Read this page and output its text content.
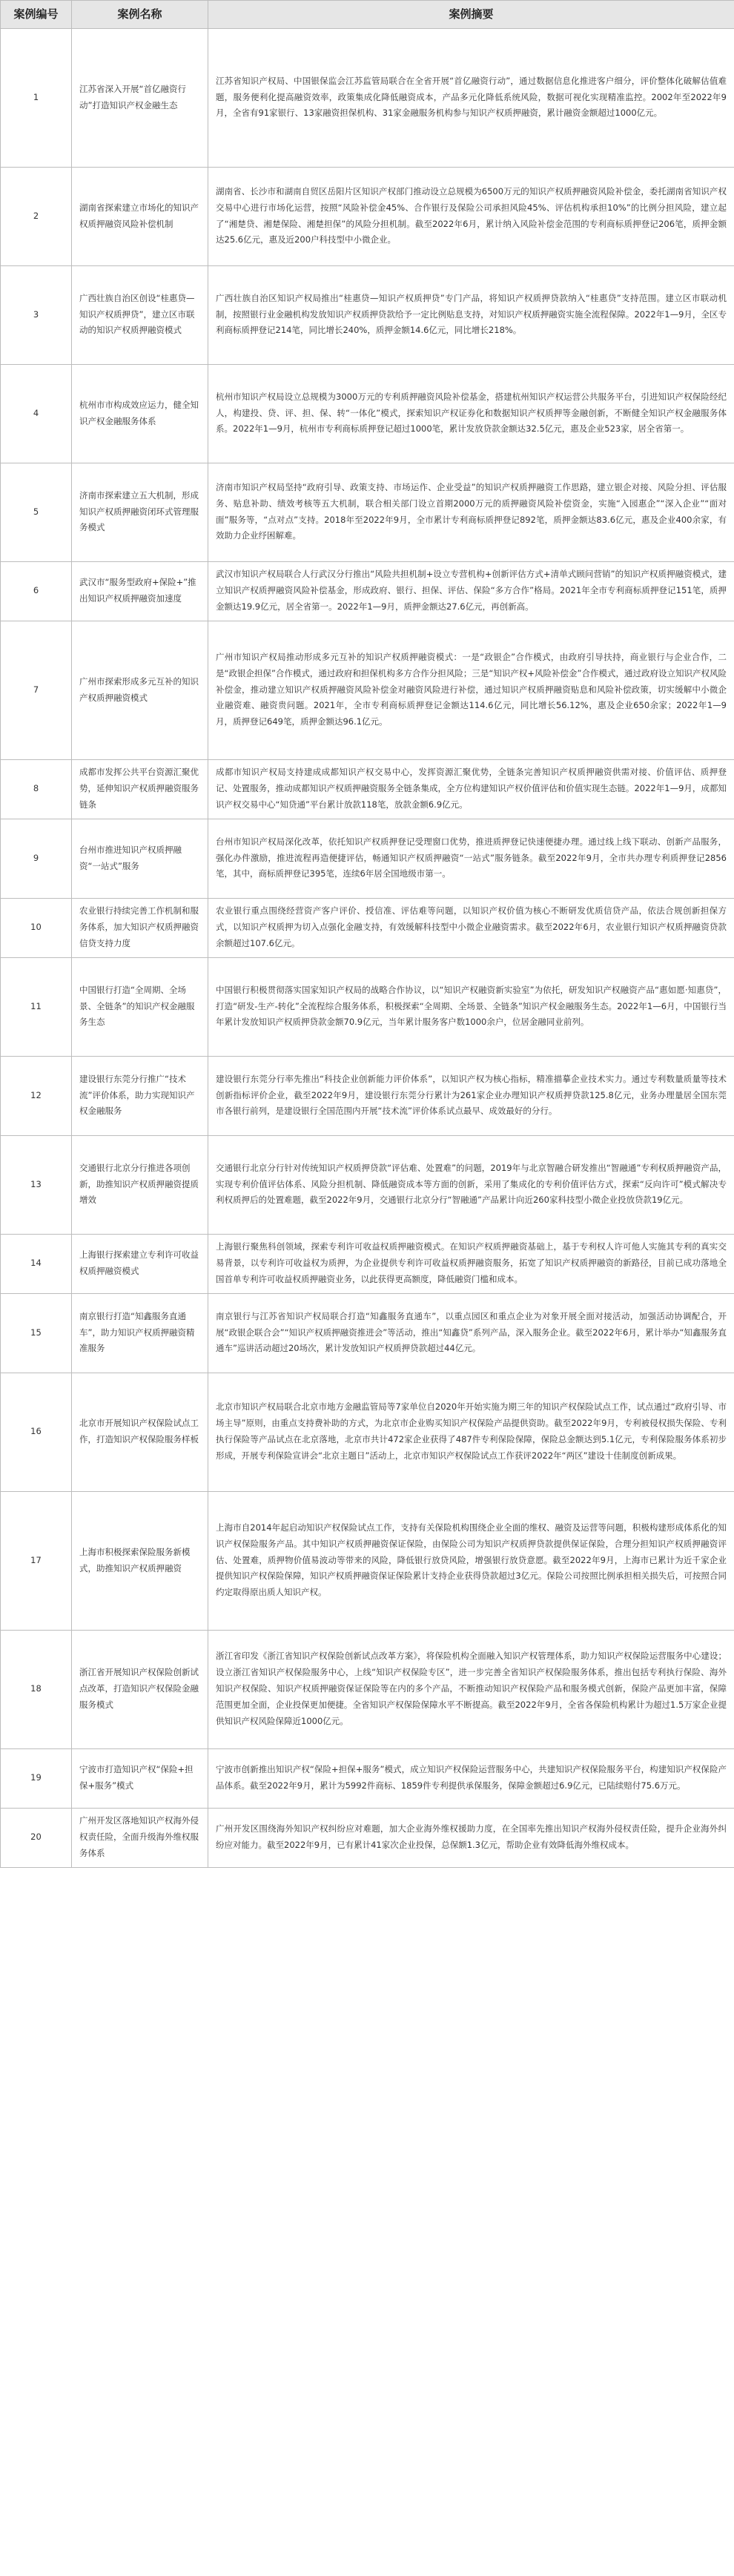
案例编号	案例名称	案例摘要
1	江苏省深入开展“首亿融资行动”打造知识产权金融生态	江苏省知识产权局、中国银保监会江苏监管局联合在全省开展“首亿融资行动”，通过数据信息化推进客户细分，评价整体化破解估值难题，服务便利化提高融资效率，政策集成化降低融资成本，产品多元化降低系统风险，数据可视化实现精准监控。2002年至2022年9月，全省有91家银行、13家融资担保机构、31家金融服务机构参与知识产权质押融资，累计融资金额超过1000亿元。
2	湖南省探索建立市场化的知识产权质押融资风险补偿机制	湖南省、长沙市和湖南自贸区岳阳片区知识产权部门推动设立总规模为6500万元的知识产权质押融资风险补偿金，委托湖南省知识产权交易中心进行市场化运营，按照“风险补偿金45%、合作银行及保险公司承担风险45%、评估机构承担10%”的比例分担风险，建立起了“湘楚贷、湘楚保险、湘楚担保”的风险分担机制。截至2022年6月，累计纳入风险补偿金范围的专利商标质押登记206笔，质押金额达25.6亿元，惠及近200户科技型中小微企业。
3	广西壮族自治区创设“桂惠贷—知识产权质押贷”，建立区市联动的知识产权质押融资模式	广西壮族自治区知识产权局推出“桂惠贷—知识产权质押贷”专门产品，将知识产权质押贷款纳入“桂惠贷”支持范围。建立区市联动机制，按照银行业金融机构发放知识产权质押贷款给予一定比例贴息支持，对知识产权质押融资实施全流程保障。2022年1—9月，全区专利商标质押登记214笔，同比增长240%，质押金额14.6亿元，同比增长218%。
4	杭州市市构成效应运力，健全知识产权金融服务体系	杭州市知识产权局设立总规模为3000万元的专利质押融资风险补偿基金，搭建杭州知识产权运营公共服务平台，引进知识产权保险经纪人，构建投、贷、评、担、保、转“一体化”模式，探索知识产权证券化和数据知识产权质押等金融创新，不断健全知识产权金融服务体系。2022年1—9月，杭州市专利商标质押登记超过1000笔，累计发放贷款金额达32.5亿元，惠及企业523家，居全省第一。
5	济南市探索建立五大机制，形成知识产权质押融资闭环式管理服务模式	济南市知识产权局坚持“政府引导、政策支持、市场运作、企业受益”的知识产权质押融资工作思路，建立银企对接、风险分担、评估服务、贴息补助、绩效考核等五大机制，联合相关部门设立首期2000万元的质押融资风险补偿资金，实施“入园惠企”“深入企业”“面对面”服务等，“点对点”支持。2018年至2022年9月，全市累计专利商标质押登记892笔，质押金额达83.6亿元，惠及企业400余家，有效助力企业纾困解难。
6	武汉市“服务型政府+保险+”推出知识产权质押融资加速度	武汉市知识产权局联合人行武汉分行推出“风险共担机制+设立专营机构+创新评估方式+清单式顾问营销”的知识产权质押融资模式，建立知识产权质押融资风险补偿基金，形成政府、银行、担保、评估、保险“多方合作”格局。2021年全市专利商标质押登记151笔，质押金额达19.9亿元，居全省第一。2022年1—9月，质押金额达27.6亿元，再创新高。
7	广州市探索形成多元互补的知识产权质押融资模式	广州市知识产权局推动形成多元互补的知识产权质押融资模式：一是“政银企”合作模式，由政府引导扶持，商业银行与企业合作，二是“政银企担保”合作模式，通过政府和担保机构多方合作分担风险；三是“知识产权+风险补偿金”合作模式，通过政府设立知识产权风险补偿金，推动建立知识产权质押融资风险补偿金对融资风险进行补偿，通过知识产权质押融资贴息和风险补偿政策，切实缓解中小微企业融资难、融资贵问题。2021年，全市专利商标质押登记金额达114.6亿元，同比增长56.12%，惠及企业650余家；2022年1—9月，质押登记649笔，质押金额达96.1亿元。
8	成都市发挥公共平台资源汇聚优势，延伸知识产权质押融资服务链条	成都市知识产权局支持建成成都知识产权交易中心，发挥资源汇聚优势，全链条完善知识产权质押融资供需对接、价值评估、质押登记、处置服务，推动成都知识产权质押融资服务全链条集成，全方位构建知识产权价值评估和价值实现生态链。2022年1—9月，成都知识产权交易中心“知贷通”平台累计放款118笔，放款金额6.9亿元。
9	台州市推进知识产权质押融资“一站式”服务	台州市知识产权局深化改革，依托知识产权质押登记受理窗口优势，推进质押登记快速便捷办理。通过线上线下联动、创新产品服务，强化办件激励，推进流程再造便捷评估，畅通知识产权质押融资“一站式”服务链条。截至2022年9月，全市共办理专利质押登记2856笔，其中，商标质押登记395笔，连续6年居全国地级市第一。
10	农业银行持续完善工作机制和服务体系，加大知识产权质押融资信贷支持力度	农业银行重点围绕经营资产客户评价、授信准、评估难等问题，以知识产权价值为核心不断研发优质信贷产品，依法合规创新担保方式，以知识产权质押为切入点强化金融支持，有效缓解科技型中小微企业融资需求。截至2022年6月，农业银行知识产权质押融资贷款余额超过107.6亿元。
11	中国银行打造“全周期、全场景、全链条”的知识产权金融服务生态	中国银行积极贯彻落实国家知识产权局的战略合作协议，以“知识产权融资新实验室”为依托，研发知识产权融资产品“惠如愿·知惠贷”，打造“研发-生产-转化”全流程综合服务体系，积极探索“全周期、全场景、全链条”知识产权金融服务生态。2022年1—6月，中国银行当年累计发放知识产权质押贷款金额70.9亿元，当年累计服务客户数1000余户，位居金融同业前列。
12	建设银行东莞分行推广“技术流”评价体系，助力实现知识产权金融服务	建设银行东莞分行率先推出“科技企业创新能力评价体系”，以知识产权为核心指标，精准描摹企业技术实力。通过专利数量质量等技术创新指标评价企业，截至2022年9月，建设银行东莞分行累计为261家企业办理知识产权质押贷款125.8亿元，业务办理量居全国东莞市各银行前列，是建设银行全国范围内开展“技术流”评价体系试点最早、成效最好的分行。
13	交通银行北京分行推进各项创新，助推知识产权质押融资提质增效	交通银行北京分行针对传统知识产权质押贷款“评估难、处置难”的问题，2019年与北京智融合研发推出“智融通”专利权质押融资产品，实现专利价值评估体系、风险分担机制、降低融资成本等方面的创新，采用了集成化的专利价值评估方式，探索“反向许可”模式解决专利权质押后的处置难题，截至2022年9月，交通银行北京分行“智融通”产品累计向近260家科技型小微企业投放贷款19亿元。
14	上海银行探索建立专利许可收益权质押融资模式	上海银行聚焦科创领域，探索专利许可收益权质押融资模式。在知识产权质押融资基础上，基于专利权人许可他人实施其专利的真实交易背景，以专利许可收益权为质押，为企业提供专利许可收益权质押融资服务，拓宽了知识产权质押融资的新路径，目前已成功落地全国首单专利许可收益权质押融资业务，以此获得更高额度，降低融资门槛和成本。
15	南京银行打造“知鑫服务直通车”，助力知识产权质押融资精准服务	南京银行与江苏省知识产权局联合打造“知鑫服务直通车”，以重点园区和重点企业为对象开展全面对接活动，加强活动协调配合，开展“政银企联合会”“知识产权质押融资推进会”等活动，推出“知鑫贷”系列产品，深入服务企业。截至2022年6月，累计举办“知鑫服务直通车”巡讲活动超过20场次，累计发放知识产权质押贷款超过44亿元。
16	北京市开展知识产权保险试点工作，打造知识产权保险服务样板	北京市知识产权局联合北京市地方金融监管局等7家单位自2020年开始实施为期三年的知识产权保险试点工作，试点通过“政府引导、市场主导”原则，由重点支持费补助的方式，为北京市企业购买知识产权保险产品提供资助。截至2022年9月，专利被侵权损失保险、专利执行保险等产品试点在北京落地，北京市共计472家企业获得了487件专利保险保障，保险总金额达到5.1亿元，专利保险服务体系初步形成，开展专利保险宣讲会“北京主题日”活动上，北京市知识产权保险试点工作获评2022年“两区”建设十佳制度创新成果。
17	上海市积极探索保险服务新模式，助推知识产权质押融资	上海市自2014年起启动知识产权保险试点工作，支持有关保险机构围绕企业全面的维权、融资及运营等问题，积极构建形成体系化的知识产权保险服务产品。其中知识产权质押融资保证保险，由保险公司为知识产权质押贷款提供保证保险，合理分担知识产权质押融资评估、处置难，质押物价值易波动等带来的风险，降低银行放贷风险，增强银行放贷意愿。截至2022年9月，上海市已累计为近千家企业提供知识产权保险保障，知识产权质押融资保证保险累计支持企业获得贷款超过3亿元。保险公司按照比例承担相关损失后，可按照合同约定取得原出质人知识产权。
18	浙江省开展知识产权保险创新试点改革，打造知识产权保险金融服务模式	浙江省印发《浙江省知识产权保险创新试点改革方案》，将保险机构全面融入知识产权管理体系，助力知识产权保险运营服务中心建设；设立浙江省知识产权保险服务中心，上线“知识产权保险专区”，进一步完善全省知识产权保险服务体系，推出包括专利执行保险、海外知识产权保险、知识产权质押融资保证保险等在内的多个产品，不断推动知识产权保险产品和服务模式创新，保险产品更加丰富，保障范围更加全面，企业投保更加便捷。全省知识产权保险保障水平不断提高。截至2022年9月，全省各保险机构累计为超过1.5万家企业提供知识产权风险保障近1000亿元。
19	宁波市打造知识产权“保险+担保+服务”模式	宁波市创新推出知识产权“保险+担保+服务”模式，成立知识产权保险运营服务中心，共建知识产权保险服务平台，构建知识产权保险产品体系。截至2022年9月，累计为5992件商标、1859件专利提供承保服务，保障金额超过6.9亿元，已陆续赔付75.6万元。
20	广州开发区落地知识产权海外侵权责任险，全面升级海外维权服务体系	广州开发区围绕海外知识产权纠纷应对难题，加大企业海外维权援助力度，在全国率先推出知识产权海外侵权责任险，提升企业海外纠纷应对能力。截至2022年9月，已有累计41家次企业投保，总保额1.3亿元，帮助企业有效降低海外维权成本。
